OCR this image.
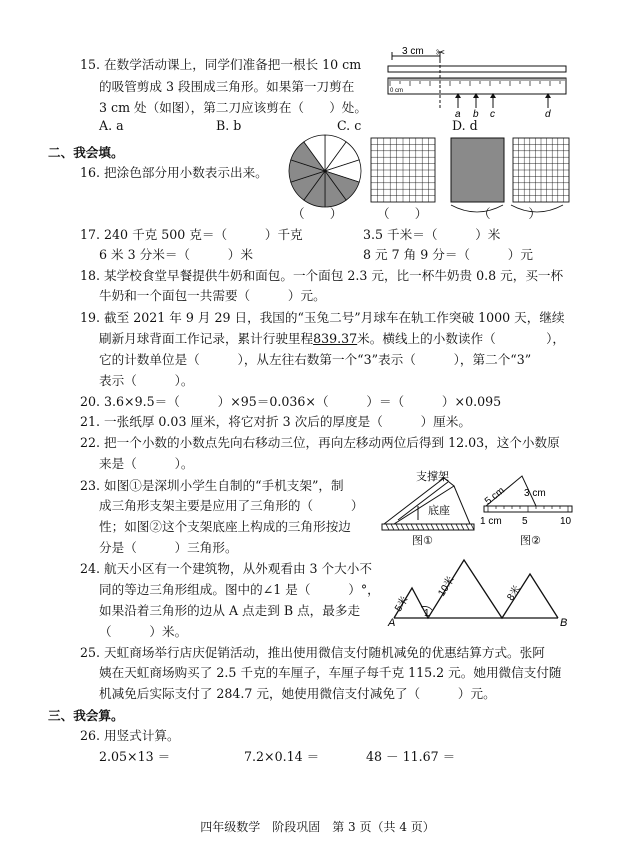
15. 在数学活动课上，同学们准备把一根长 10 cm
的吸管剪成 3 段围成三角形。如果第一刀剪在
3 cm 处（如图），第二刀应该剪在（　　）处。
A. a	B. b	C. c	D. d
3 cm ✂
0 cm
a b c	d
二、我会填。
16. 把涂色部分用小数表示出来。
（　　）	（　　）	（　　　）
17. 240 千克 500 克＝（　　　）千克	3.5 千米＝（　　　）米
6 米 3 分米＝（　　　）米	8 元 7 角 9 分＝（　　　）元
18. 某学校食堂早餐提供牛奶和面包。一个面包 2.3 元，比一杯牛奶贵 0.8 元，买一杯
牛奶和一个面包一共需要（　　　）元。
19. 截至 2021 年 9 月 29 日，我国的“玉兔二号”月球车在轨工作突破 1000 天，继续
刷新月球背面工作记录，累计行驶里程839.37米。横线上的小数读作（　　　　），
它的计数单位是（　　　），从左往右数第一个“3”表示（　　　），第二个“3”
表示（　　　）。
20. 3.6×9.5＝（　　　）×95＝0.036×（　　　）＝（　　　）×0.095
21. 一张纸厚 0.03 厘米，将它对折 3 次后的厚度是（　　　）厘米。
22. 把一个小数的小数点先向右移动三位，再向左移动两位后得到 12.03，这个小数原
来是（　　　）。
23. 如图①是深圳小学生自制的“手机支架”，制
成三角形支架主要是应用了三角形的（　　　）
性；如图②这个支架底座上构成的三角形按边
分是（　　　）三角形。
支撑架
底座
图①
5 cm 3 cm
1 cm 5	10
图②
24. 航天小区有一个建筑物，从外观看由 3 个大小不
同的等边三角形组成。图中的∠1 是（　　　）°，
如果沿着三角形的边从 A 点走到 B 点，最多走
（　　　）米。
5米
10米	8米
1
A	B
25. 天虹商场举行店庆促销活动，推出使用微信支付随机减免的优惠结算方式。张阿
姨在天虹商场购买了 2.5 千克的车厘子，车厘子每千克 115.2 元。她用微信支付随
机减免后实际支付了 284.7 元，她使用微信支付减免了（　　　）元。
三、我会算。
26. 用竖式计算。
2.05×13 ＝	7.2×0.14 ＝	48 － 11.67 ＝
四年级数学　阶段巩固　第 3 页（共 4 页）
